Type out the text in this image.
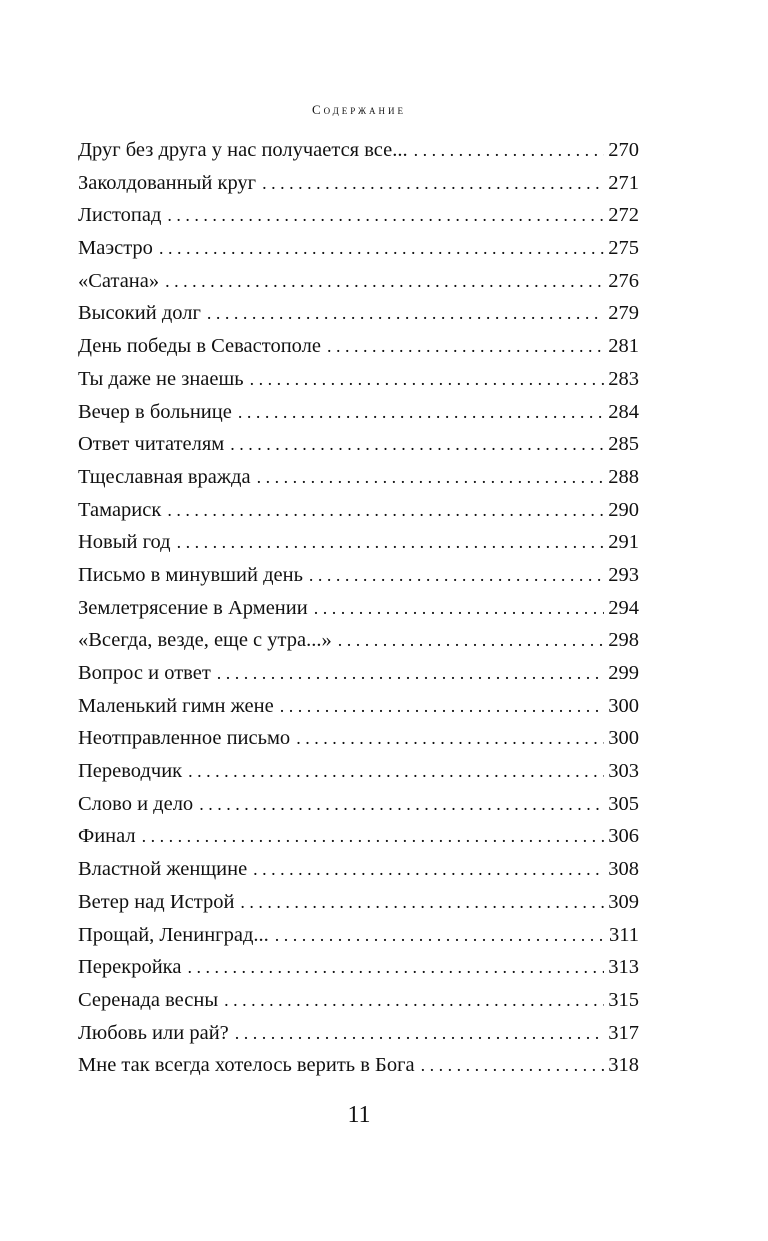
Содержание
Друг без друга у нас получается все... . . .	270
Заколдованный круг . . .	271
Листопад . . .	272
Маэстро . . .	275
«Сатана» . . .	276
Высокий долг . . .	279
День победы в Севастополе . . .	281
Ты даже не знаешь . . .	283
Вечер в больнице . . .	284
Ответ читателям . . .	285
Тщеславная вражда . . .	288
Тамариск . . .	290
Новый год . . .	291
Письмо в минувший день . . .	293
Землетрясение в Армении . . .	294
«Всегда, везде, еще с утра...» . . .	298
Вопрос и ответ . . .	299
Маленький гимн жене . . .	300
Неотправленное письмо . . .	300
Переводчик . . .	303
Слово и дело . . .	305
Финал . . .	306
Властной женщине . . .	308
Ветер над Истрой . . .	309
Прощай, Ленинград... . . .	311
Перекройка . . .	313
Серенада весны . . .	315
Любовь или рай? . . .	317
Мне так всегда хотелось верить в Бога . . .	318
11
